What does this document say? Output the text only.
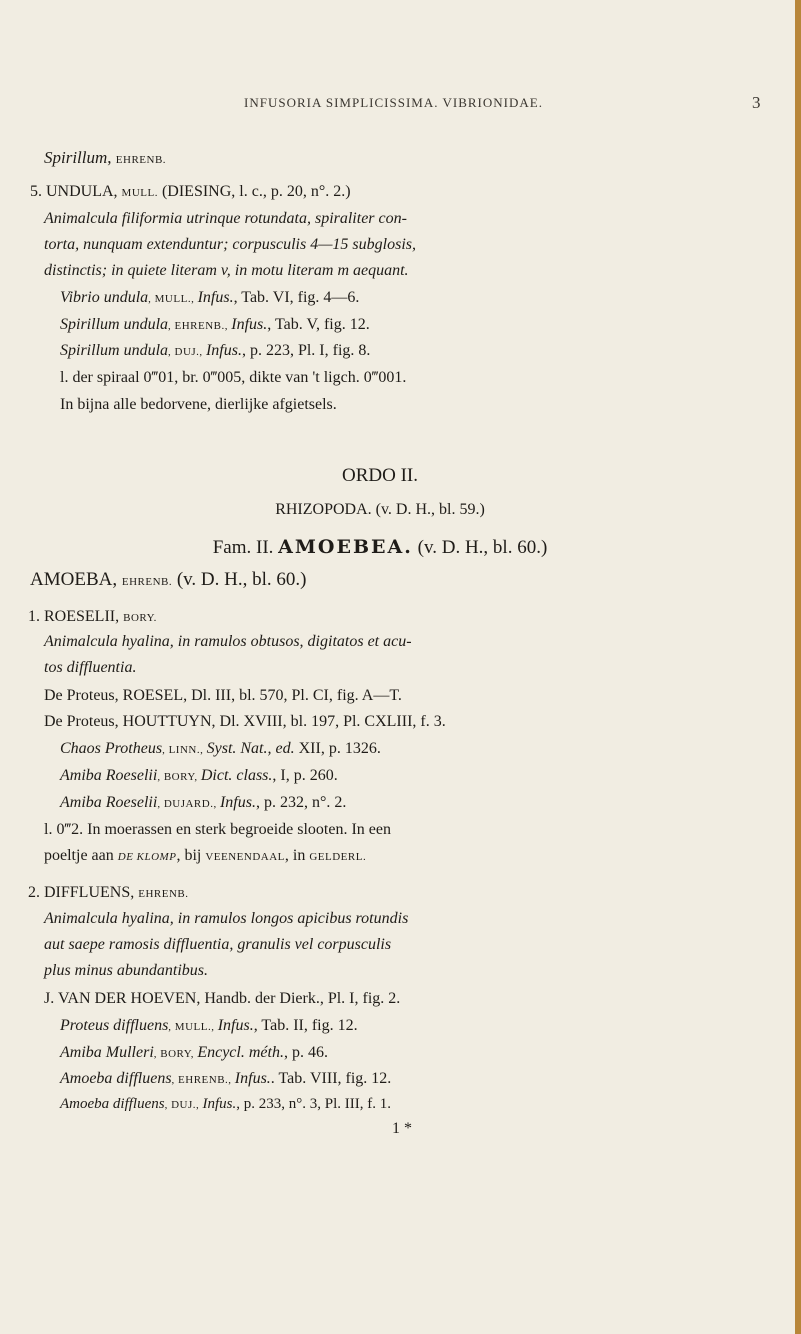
INFUSORIA SIMPLICISSIMA. VIBRIONIDAE.	3
Spirillum, EHRENB.
5. UNDULA, MULL. (DIESING, l. c., p. 20, n°. 2.)
Animalcula filiformia utrinque rotundata, spiraliter con-
torta, nunquam extenduntur; corpusculis 4—15 subglosis,
distinctis; in quiete literam v, in motu literam m aequant.
Vibrio undula, MULL., Infus., Tab. VI, fig. 4—6.
Spirillum undula, EHRENB., Infus., Tab. V, fig. 12.
Spirillum undula, DUJ., Infus., p. 223, Pl. I, fig. 8.
l. der spiraal 0‴01, br. 0‴005, dikte van 't ligch. 0‴001.
In bijna alle bedorvene, dierlijke afgietsels.
ORDO II.
RHIZOPODA. (v. D. H., bl. 59.)
Fam. II. AMOEBEA. (v. D. H., bl. 60.)
AMOEBA, EHRENB. (v. D. H., bl. 60.)
1. ROESELII, BORY.
Animalcula hyalina, in ramulos obtusos, digitatos et acu-
tos diffluentia.
De Proteus, ROESEL, Dl. III, bl. 570, Pl. CI, fig. A—T.
De Proteus, HOUTTUYN, Dl. XVIII, bl. 197, Pl. CXLIII, f. 3.
Chaos Protheus, LINN., Syst. Nat., ed. XII, p. 1326.
Amiba Roeselii, BORY, Dict. class., I, p. 260.
Amiba Roeselii, DUJARD., Infus., p. 232, n°. 2.
l. 0‴2. In moerassen en sterk begroeide slooten. In een
poeltje aan DE KLOMP, bij VEENENDAAL, in GELDERL.
2. DIFFLUENS, EHRENB.
Animalcula hyalina, in ramulos longos apicibus rotundis
aut saepe ramosis diffluentia, granulis vel corpusculis
plus minus abundantibus.
J. VAN DER HOEVEN, Handb. der Dierk., Pl. I, fig. 2.
Proteus diffluens, MULL., Infus., Tab. II, fig. 12.
Amiba Mulleri, BORY, Encycl. méth., p. 46.
Amoeba diffluens, EHRENB., Infus.. Tab. VIII, fig. 12.
Amoeba diffluens, DUJ., Infus., p. 233, n°. 3, Pl. III, f. 1.
1 *
